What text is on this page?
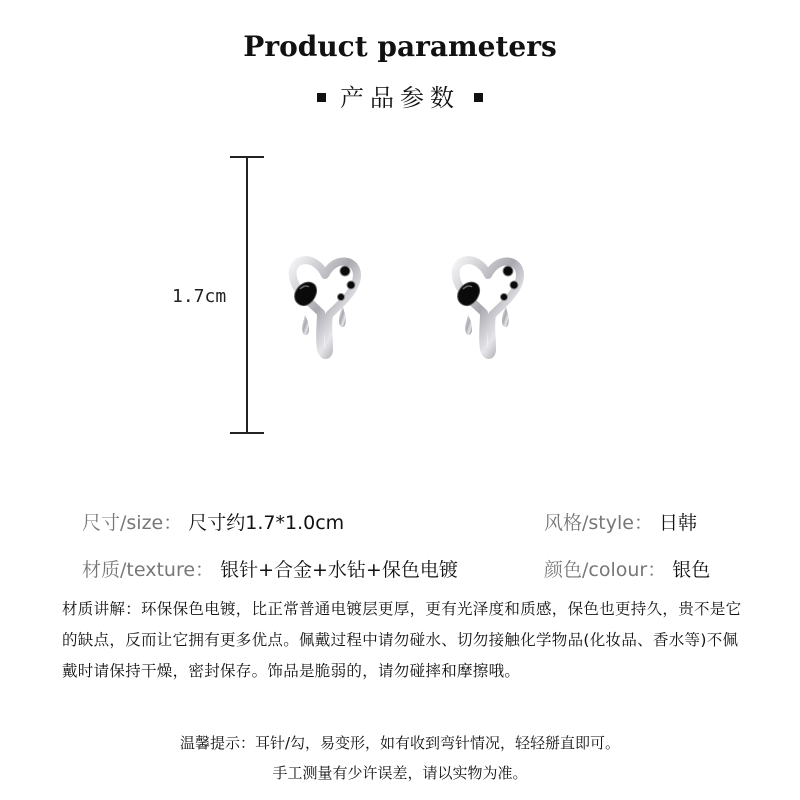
Product parameters
产品参数
1.7cm
尺寸/size： 尺寸约1.7*1.0cm	风格/style： 日韩
材质/texture： 银针+合金+水钻+保色电镀	颜色/colour： 银色
材质讲解：环保保色电镀，比正常普通电镀层更厚，更有光泽度和质感，保色也更持久，贵不是它的缺点，反而让它拥有更多优点。佩戴过程中请勿碰水、切勿接触化学物品(化妆品、香水等)不佩戴时请保持干燥，密封保存。饰品是脆弱的，请勿碰摔和摩擦哦。
温馨提示：耳针/勾，易变形，如有收到弯针情况，轻轻掰直即可。
手工测量有少许误差，请以实物为准。
